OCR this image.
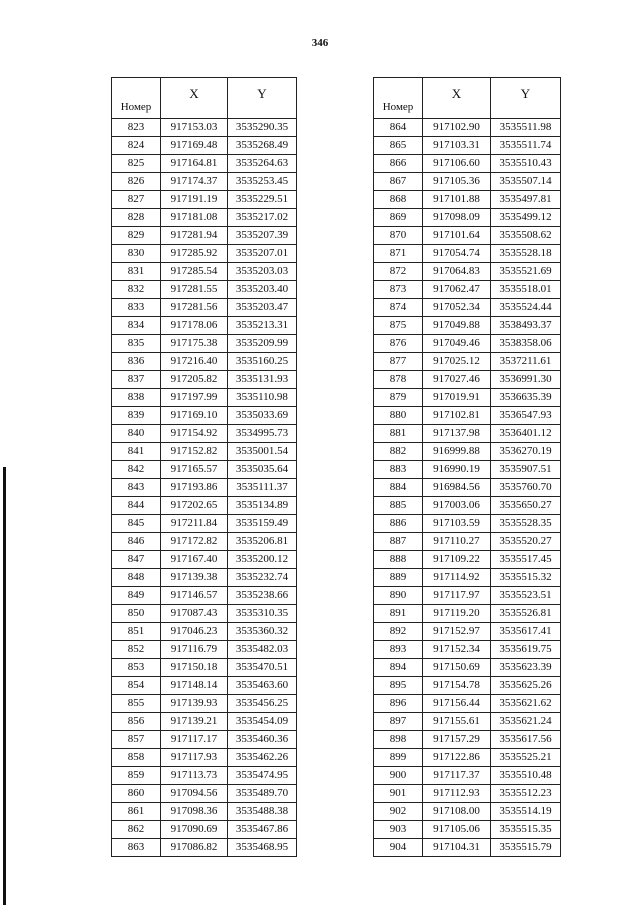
346
Номер	X	Y
823	917153.03	3535290.35
824	917169.48	3535268.49
825	917164.81	3535264.63
826	917174.37	3535253.45
827	917191.19	3535229.51
828	917181.08	3535217.02
829	917281.94	3535207.39
830	917285.92	3535207.01
831	917285.54	3535203.03
832	917281.55	3535203.40
833	917281.56	3535203.47
834	917178.06	3535213.31
835	917175.38	3535209.99
836	917216.40	3535160.25
837	917205.82	3535131.93
838	917197.99	3535110.98
839	917169.10	3535033.69
840	917154.92	3534995.73
841	917152.82	3535001.54
842	917165.57	3535035.64
843	917193.86	3535111.37
844	917202.65	3535134.89
845	917211.84	3535159.49
846	917172.82	3535206.81
847	917167.40	3535200.12
848	917139.38	3535232.74
849	917146.57	3535238.66
850	917087.43	3535310.35
851	917046.23	3535360.32
852	917116.79	3535482.03
853	917150.18	3535470.51
854	917148.14	3535463.60
855	917139.93	3535456.25
856	917139.21	3535454.09
857	917117.17	3535460.36
858	917117.93	3535462.26
859	917113.73	3535474.95
860	917094.56	3535489.70
861	917098.36	3535488.38
862	917090.69	3535467.86
863	917086.82	3535468.95
Номер	X	Y
864	917102.90	3535511.98
865	917103.31	3535511.74
866	917106.60	3535510.43
867	917105.36	3535507.14
868	917101.88	3535497.81
869	917098.09	3535499.12
870	917101.64	3535508.62
871	917054.74	3535528.18
872	917064.83	3535521.69
873	917062.47	3535518.01
874	917052.34	3535524.44
875	917049.88	3538493.37
876	917049.46	3538358.06
877	917025.12	3537211.61
878	917027.46	3536991.30
879	917019.91	3536635.39
880	917102.81	3536547.93
881	917137.98	3536401.12
882	916999.88	3536270.19
883	916990.19	3535907.51
884	916984.56	3535760.70
885	917003.06	3535650.27
886	917103.59	3535528.35
887	917110.27	3535520.27
888	917109.22	3535517.45
889	917114.92	3535515.32
890	917117.97	3535523.51
891	917119.20	3535526.81
892	917152.97	3535617.41
893	917152.34	3535619.75
894	917150.69	3535623.39
895	917154.78	3535625.26
896	917156.44	3535621.62
897	917155.61	3535621.24
898	917157.29	3535617.56
899	917122.86	3535525.21
900	917117.37	3535510.48
901	917112.93	3535512.23
902	917108.00	3535514.19
903	917105.06	3535515.35
904	917104.31	3535515.79
